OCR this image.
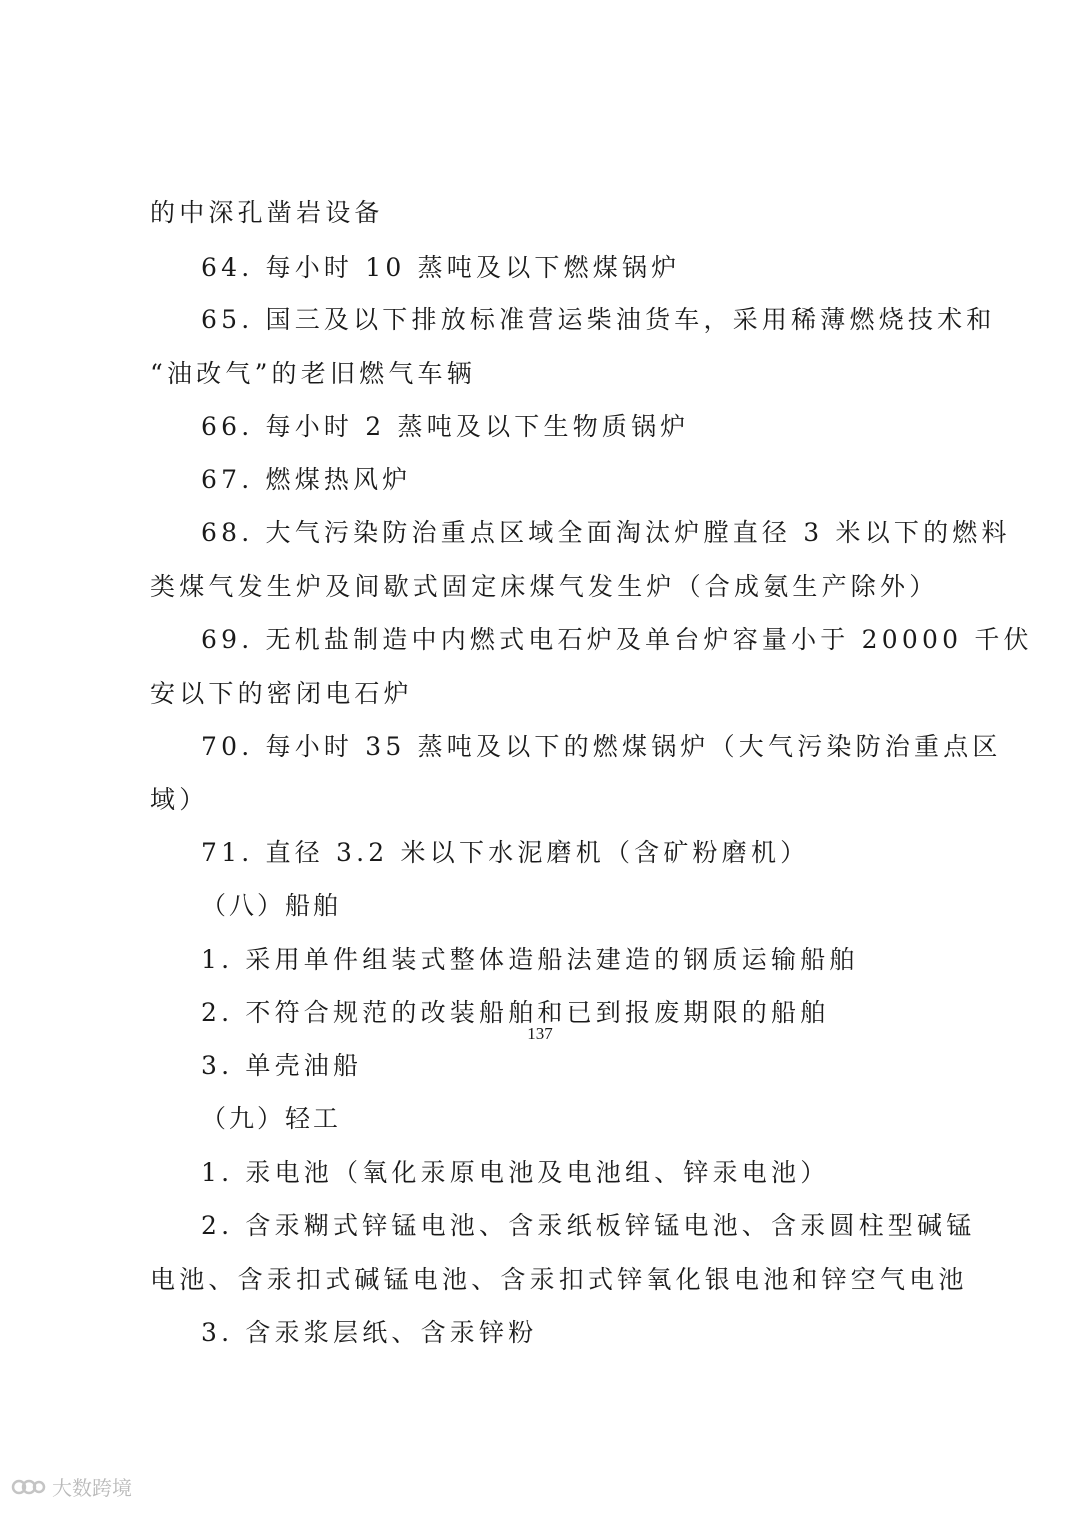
的中深孔凿岩设备
64. 每小时 10 蒸吨及以下燃煤锅炉
65. 国三及以下排放标准营运柴油货车，采用稀薄燃烧技术和
“油改气”的老旧燃气车辆
66. 每小时 2 蒸吨及以下生物质锅炉
67. 燃煤热风炉
68. 大气污染防治重点区域全面淘汰炉膛直径 3 米以下的燃料
类煤气发生炉及间歇式固定床煤气发生炉（合成氨生产除外）
69. 无机盐制造中内燃式电石炉及单台炉容量小于 20000 千伏
安以下的密闭电石炉
70. 每小时 35 蒸吨及以下的燃煤锅炉（大气污染防治重点区
域）
71. 直径 3.2 米以下水泥磨机（含矿粉磨机）
（八）船舶
1. 采用单件组装式整体造船法建造的钢质运输船舶
2. 不符合规范的改装船舶和已到报废期限的船舶
3. 单壳油船
（九）轻工
1. 汞电池（氧化汞原电池及电池组、锌汞电池）
2. 含汞糊式锌锰电池、含汞纸板锌锰电池、含汞圆柱型碱锰
电池、含汞扣式碱锰电池、含汞扣式锌氧化银电池和锌空气电池
3. 含汞浆层纸、含汞锌粉
137
大数跨境
